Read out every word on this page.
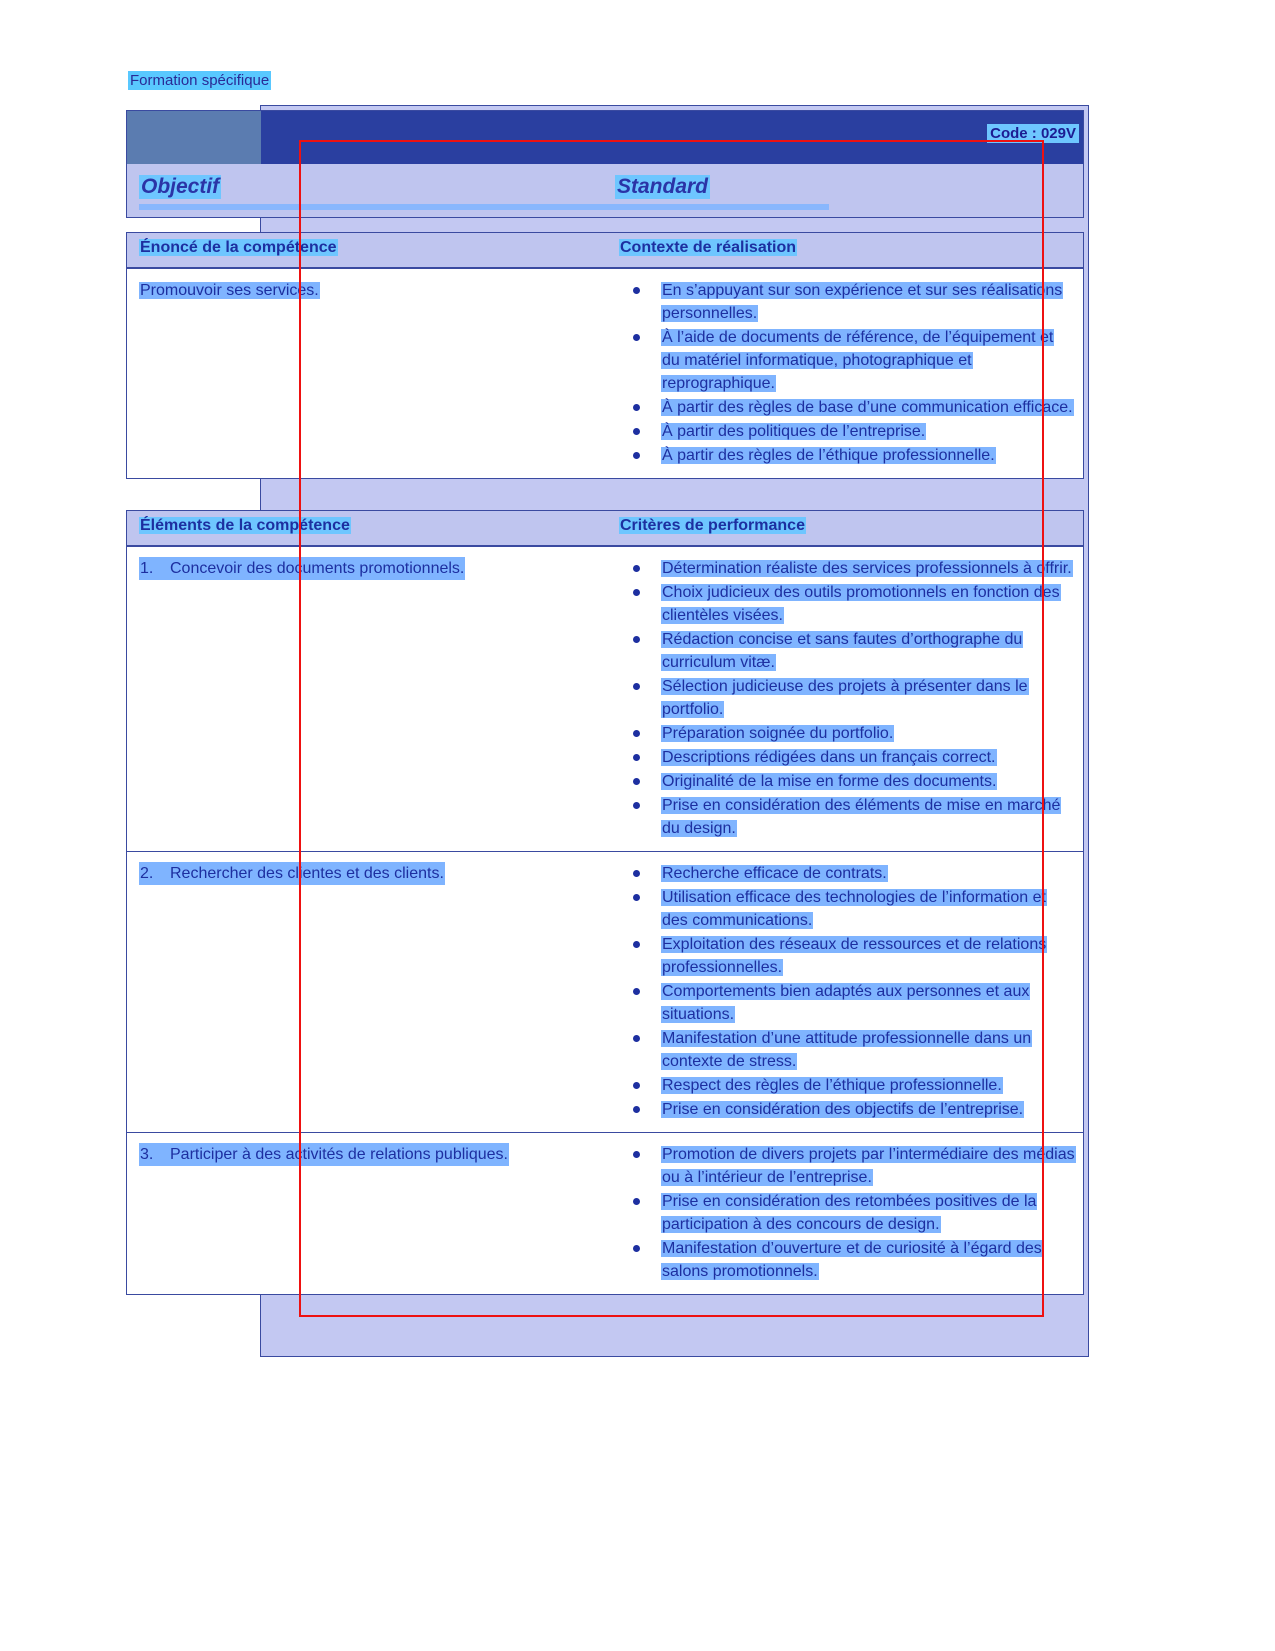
Formation spécifique
Code : 029V
Objectif	Standard
Énoncé de la compétence	Contexte de réalisation
Promouvoir ses services.	En s’appuyant sur son expérience et sur ses réalisations personnelles.
À l’aide de documents de référence, de l’équipement et du matériel informatique, photographique et reprographique.
À partir des règles de base d’une communication efficace.
À partir des politiques de l’entreprise.
À partir des règles de l’éthique professionnelle.
Éléments de la compétence	Critères de performance
1.	Concevoir des documents promotionnels.	Détermination réaliste des services professionnels à offrir.
Choix judicieux des outils promotionnels en fonction des clientèles visées.
Rédaction concise et sans fautes d’orthographe du curriculum vitæ.
Sélection judicieuse des projets à présenter dans le portfolio.
Préparation soignée du portfolio.
Descriptions rédigées dans un français correct.
Originalité de la mise en forme des documents.
Prise en considération des éléments de mise en marché du design.
2.	Rechercher des clientes et des clients.	Recherche efficace de contrats.
Utilisation efficace des technologies de l’information et des communications.
Exploitation des réseaux de ressources et de relations professionnelles.
Comportements bien adaptés aux personnes et aux situations.
Manifestation d’une attitude professionnelle dans un contexte de stress.
Respect des règles de l’éthique professionnelle.
Prise en considération des objectifs de l’entreprise.
3.	Participer à des activités de relations publiques.	Promotion de divers projets par l’intermédiaire des médias ou à l’intérieur de l’entreprise.
Prise en considération des retombées positives de la participation à des concours de design.
Manifestation d’ouverture et de curiosité à l’égard des salons promotionnels.
